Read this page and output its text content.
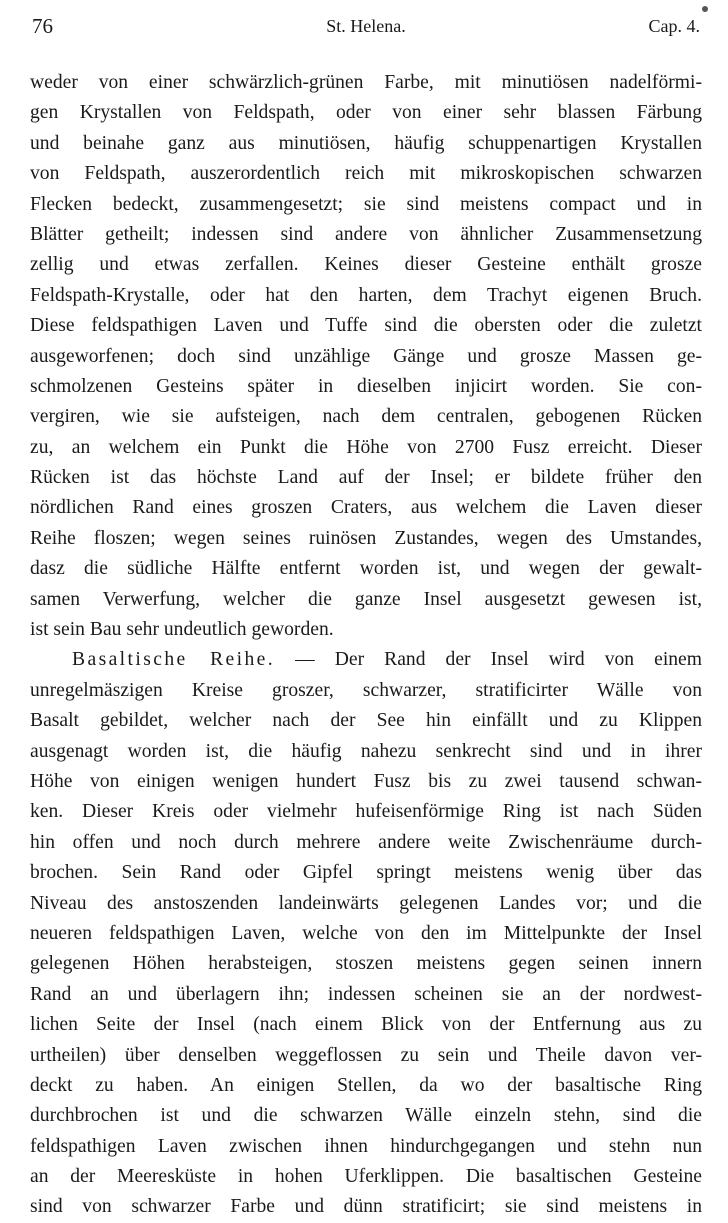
76	St. Helena.	Cap. 4.
weder von einer schwärzlich-grünen Farbe, mit minutiösen nadelförmi-
gen Krystallen von Feldspath, oder von einer sehr blassen Färbung
und beinahe ganz aus minutiösen, häufig schuppenartigen Krystallen
von Feldspath, auszerordentlich reich mit mikroskopischen schwarzen
Flecken bedeckt, zusammengesetzt; sie sind meistens compact und in
Blätter getheilt; indessen sind andere von ähnlicher Zusammensetzung
zellig und etwas zerfallen. Keines dieser Gesteine enthält grosze
Feldspath-Krystalle, oder hat den harten, dem Trachyt eigenen Bruch.
Diese feldspathigen Laven und Tuffe sind die obersten oder die zuletzt
ausgeworfenen; doch sind unzählige Gänge und grosze Massen ge-
schmolzenen Gesteins später in dieselben injicirt worden. Sie con-
vergiren, wie sie aufsteigen, nach dem centralen, gebogenen Rücken
zu, an welchem ein Punkt die Höhe von 2700 Fusz erreicht. Dieser
Rücken ist das höchste Land auf der Insel; er bildete früher den
nördlichen Rand eines groszen Craters, aus welchem die Laven dieser
Reihe floszen; wegen seines ruinösen Zustandes, wegen des Umstandes,
dasz die südliche Hälfte entfernt worden ist, und wegen der gewalt-
samen Verwerfung, welcher die ganze Insel ausgesetzt gewesen ist,
ist sein Bau sehr undeutlich geworden.
Basaltische Reihe. — Der Rand der Insel wird von einem
unregelmäszigen Kreise groszer, schwarzer, stratificirter Wälle von
Basalt gebildet, welcher nach der See hin einfällt und zu Klippen
ausgenagt worden ist, die häufig nahezu senkrecht sind und in ihrer
Höhe von einigen wenigen hundert Fusz bis zu zwei tausend schwan-
ken. Dieser Kreis oder vielmehr hufeisenförmige Ring ist nach Süden
hin offen und noch durch mehrere andere weite Zwischenräume durch-
brochen. Sein Rand oder Gipfel springt meistens wenig über das
Niveau des anstoszenden landeinwärts gelegenen Landes vor; und die
neueren feldspathigen Laven, welche von den im Mittelpunkte der Insel
gelegenen Höhen herabsteigen, stoszen meistens gegen seinen innern
Rand an und überlagern ihn; indessen scheinen sie an der nordwest-
lichen Seite der Insel (nach einem Blick von der Entfernung aus zu
urtheilen) über denselben weggeflossen zu sein und Theile davon ver-
deckt zu haben. An einigen Stellen, da wo der basaltische Ring
durchbrochen ist und die schwarzen Wälle einzeln stehn, sind die
feldspathigen Laven zwischen ihnen hindurchgegangen und stehn nun
an der Meeresküste in hohen Uferklippen. Die basaltischen Gesteine
sind von schwarzer Farbe und dünn stratificirt; sie sind meistens in
